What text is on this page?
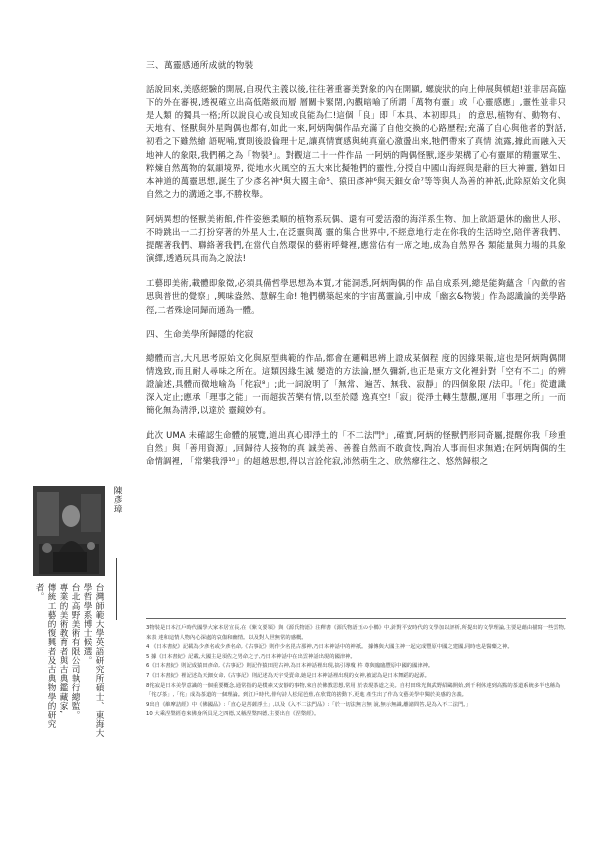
三、萬靈感通所成就的物裝

話說回來,美感經驗的開展,自現代主義以後,往往著重審美對象的內在開顯, 螺旋狀的向上伸展與頓超!並非居高臨下的外在審視,透視確立出高低階級而層 層關卡緊閉,內觀暗喻了所謂「萬物有靈」或「心靈感應」,靈性並非只是人類 的獨具一格;所以說良心或良知或良能為仁!這個「良」即「本具、本初即具」 的意思,植物有、動物有、天地有、怪獸與外星陶偶也都有,如此一來,阿炳陶偶作品充滿了自他交換的心路歷程;充滿了自心與他者的對話,初看之下雖然繪 語呢喃,實則後設倫理十足,讓真情實感與純真童心激盪出來,牠們帶來了真情 流露,據此而融入天地神人的象限,我們稱之為「物裝³」。對觀這二十一件作品 一阿炳的陶偶怪獸,逐步架構了心有靈犀的精靈眾生、粹煉自然萬物的氣韻境界, 從地水火風空的五大來比擬牠們的靈性,分授自中國山海經與是辭的巨大神靈, 猶如日本神道的萬靈思想,誕生了少彥名神⁴與大國主命⁵、猿田彥神⁶與天鈿女命⁷等等與人為善的神祇,此除原始文化與自然之力的溝通之事,不勝枚舉。

阿炳異想的怪獸美術館,件件姿態柔順的植物系玩偶、還有可愛活潑的海洋系生物、加上欲語還休的幽世人形、不時跳出一二打扮穿著的外星人士,在泛靈與萬 靈的集合世界中,不經意地行走在你我的生活時空,陪伴著我們、提醒著我們、聯絡著我們,在當代自然環保的藝術呼聲裡,應當佔有一席之地,成為自然界各 類能量與力場的具象演繹,透過玩具而為之說法!

工藝即美術,載體即象徵,必須具備哲學思想為本質,才能洞悉,阿炳陶偶的作 品自成系列,總是能夠蘊含「內歛的省思與普世的覺察」,興味盎然、慧解生命! 牠們構築起來的宇宙萬靈論,引申成「幽玄&物裝」作為認識論的美學路徑,二者殊途同歸而通為一體。

四、生命美學所歸隱的侘寂

總體而言,大凡思考原始文化與原型典範的作品,都會在邏輯思辨上證成某個程 度的因緣果報,這也是阿炳陶偶開情逸致,而且耐人尋味之所在。這類因緣生滅 變造的方法論,歷久彌新,也正是東方文化裡針對「空有不二」的辨證論述,具體而微地喻為「侘寂⁸」;此一詞說明了「無常、遍苦、無我、寂靜」的四個象限 /法印。「侘」從遺識深入定止;應承「理事之能」一而超拔苦樂有情,以至於隱 逸真空!「寂」從淨土轉生慧觀,運用「事理之所」一而簡化無為清淨,以達於 靈鏡妙有。

此次 UMA 未確認生命體的展覽,道出真心即淨土的「不二法門⁹」,確實,阿炳的怪獸們形同奇屬,提醒你我「珍重自然」與「善用資源」,回歸待人接物的真 誠美善、善養自然而不敢貪忮,陶冶人事而但求無過;在阿炳陶偶的生命情調裡, 「常樂我淨¹⁰」的超越思想,得以言詮侘寂,沛然萌生之、欣然瘳往之、悠然歸根之

3物裝是日本江戶時代國學大家本居宣長,在《紫文要領》與《源氏物語》注釋書《源氏物語玉の小櫛》中,針對平安時代的文學加以評析,所提出的文學理論,主要是藉由描寫一些雲物,來表 達和這情人物內心深處的哀傷和幽情。以及對人世無常的感概。

4 《日本書紀》記載為少彥名或少彥名命,《古事記》則作少名毘古那神,乃日本神話中的神祇。 據傳與大國主神一起完成豐原中國之建國,同時也是醫藥之神。

5 據《日本書紀》記載,大國主是須佐之男命之子,乃日本神話中在出雲神話出現的國津神。

6《日本書紀》則記成猿田彥命,《古事記》則記作猿田毘古神,為日本神話裡出現,搞引導瓊 杵 尊與臨臨豐原中國的國津神。

7《日本書紀》裡記述為天鈿女命,《古事記》則記述為天宇受賣命,她是日本神話裡出現的女神,被認為是日本舞蹈的起源。

8侘寂是日本美學意識的一個重要概念,通常指的是樸素又安靜的事物,來自於佛教思想,常用 於表現茶道之美。自村田珠光與武野紹鷗開始,到千利休達到高點的茶道系統多半也稱為「侘び茶」,「侘」成為茶道的一個理論。到江戶時代,俳句詩人松尾芭蕉,在欣賞的捨動下,更進 產生出了作為文藝美學中獨於美感的含義。

9出自《維摩詰經》中《佛國品》:「直心是菩薩淨土」,以及《入不二法門品》:「於一切法無言無 說,無示無識,離諸問答,是為入不二法門。」

10 大乘涅槃經卷來佛身所具足之四德,又稱涅槃四德,主要出自《涅槃經》。

陳彥璋
台灣師範大學英語研究所碩士、東海大學哲學系博士候選。
台北高野美術有限公司執行總監。
專業的美術教育者與古典鑑藏家,
傳統工藝的復興者及古典物學的研究者。
